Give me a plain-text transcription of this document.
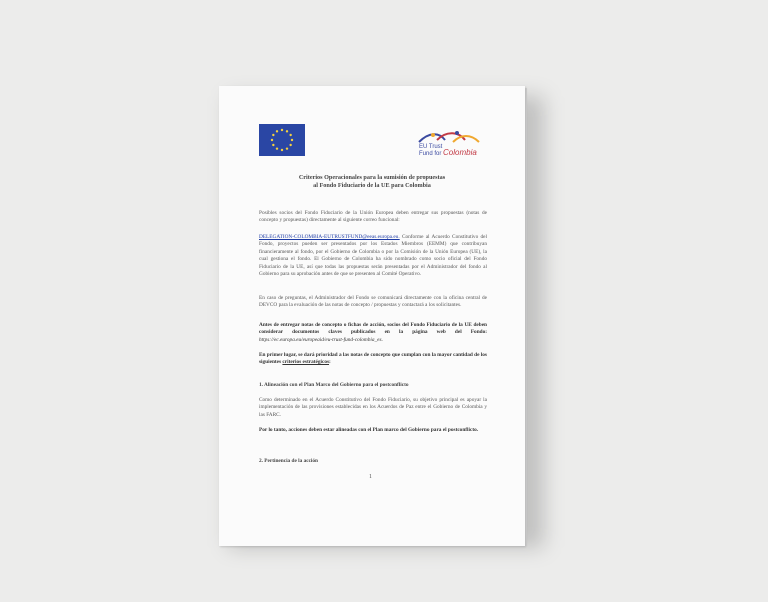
EU Trust
Fund for Colombia
Criterios Operacionales para la sumisión de propuestas
al Fondo Fiduciario de la UE para Colombia
Posibles socios del Fondo Fiduciario de la Unión Europea deben entregar sus propuestas (notas de concepto y propuestas) directamente al siguiente correo funcional:
DELEGATION-COLOMBIA-EUTRUSTFUND@eeas.europa.eu. Conforme al Acuerdo Constitutivo del Fondo, proyectos pueden ser presentados por los Estados Miembros (EEMM) que contribuyan financieramente al fondo, por el Gobierno de Colombia o por la Comisión de la Unión Europea (UE), la cual gestiona el fondo. El Gobierno de Colombia ha sido nombrado como socio oficial del Fondo Fiduciario de la UE, así que todas las propuestas serán presentadas por el Administrador del fondo al Gobierno para su aprobación antes de que se presenten al Comité Operativo.
En caso de preguntas, el Administrador del Fondo se comunicará directamente con la oficina central de DEVCO para la evaluación de las notas de concepto / propuestas y contactará a los solicitantes.
Antes de entregar notas de concepto o fichas de acción, socios del Fondo Fiduciario de la UE deben considerar documentos claves publicados en la página web del Fondo: https://ec.europa.eu/europeaid/eu-trust-fund-colombia_es.
En primer lugar, se dará prioridad a las notas de concepto que cumplan con la mayor cantidad de los siguientes criterios estratégicos:
1. Alineación con el Plan Marco del Gobierno para el postconflicto
Como determinado en el Acuerdo Constitutivo del Fondo Fiduciario, su objetivo principal es apoyar la implementación de las provisiones establecidas en los Acuerdos de Paz entre el Gobierno de Colombia y las FARC.
Por lo tanto, acciones deben estar alineadas con el Plan marco del Gobierno para el postconflicto.
2. Pertinencia de la acción
1
